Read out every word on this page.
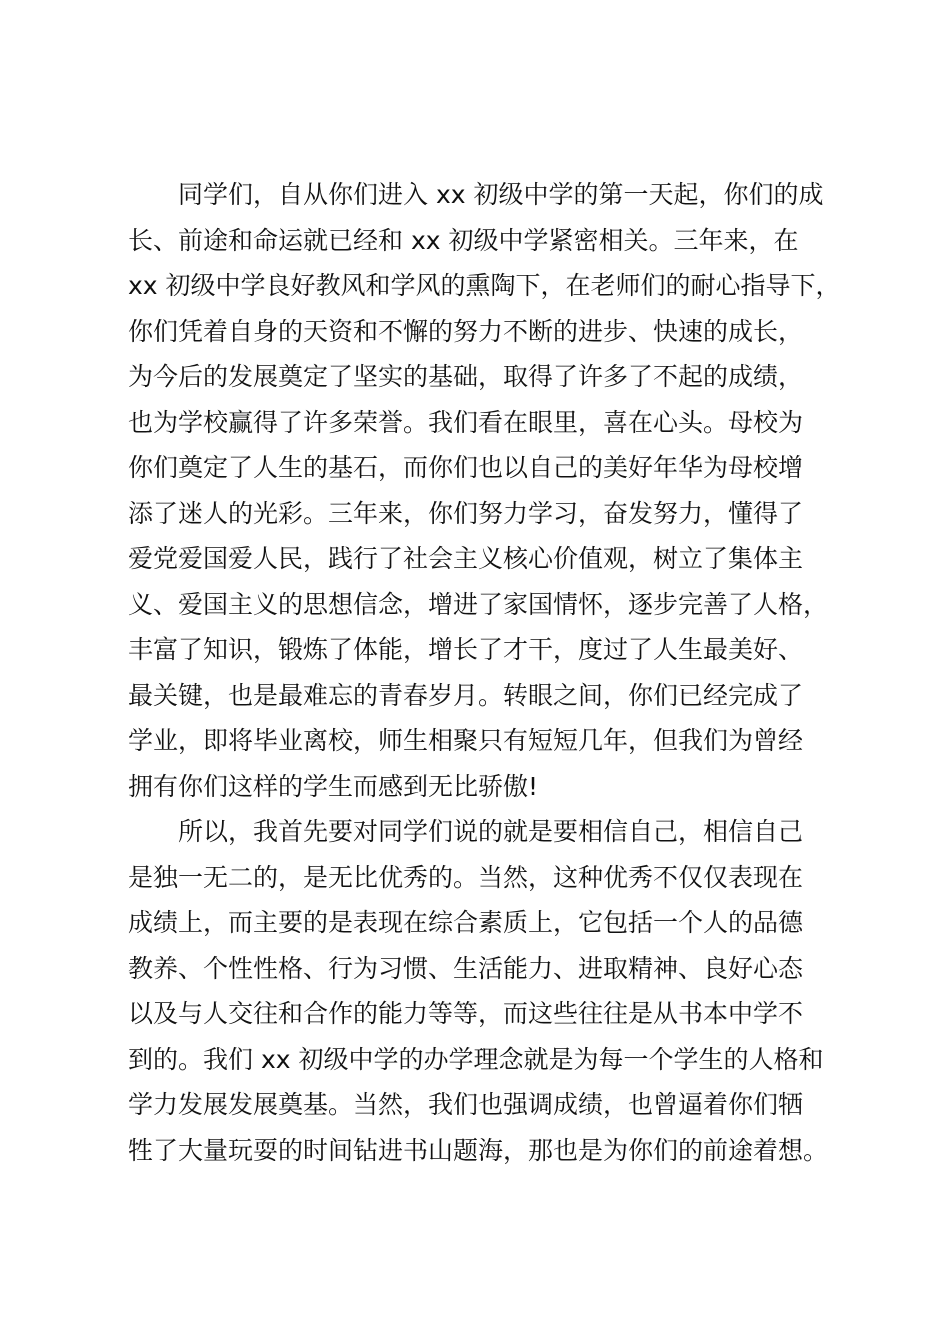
同学们，自从你们进入 xx 初级中学的第一天起，你们的成
长、前途和命运就已经和 xx 初级中学紧密相关。三年来，在
xx 初级中学良好教风和学风的熏陶下，在老师们的耐心指导下，
你们凭着自身的天资和不懈的努力不断的进步、快速的成长，
为今后的发展奠定了坚实的基础，取得了许多了不起的成绩，
也为学校赢得了许多荣誉。我们看在眼里，喜在心头。母校为
你们奠定了人生的基石，而你们也以自己的美好年华为母校增
添了迷人的光彩。三年来，你们努力学习，奋发努力，懂得了
爱党爱国爱人民，践行了社会主义核心价值观，树立了集体主
义、爱国主义的思想信念，增进了家国情怀，逐步完善了人格，
丰富了知识，锻炼了体能，增长了才干，度过了人生最美好、
最关键，也是最难忘的青春岁月。转眼之间，你们已经完成了
学业，即将毕业离校，师生相聚只有短短几年，但我们为曾经
拥有你们这样的学生而感到无比骄傲!
所以，我首先要对同学们说的就是要相信自己，相信自己
是独一无二的，是无比优秀的。当然，这种优秀不仅仅表现在
成绩上，而主要的是表现在综合素质上，它包括一个人的品德
教养、个性性格、行为习惯、生活能力、进取精神、良好心态
以及与人交往和合作的能力等等，而这些往往是从书本中学不
到的。我们 xx 初级中学的办学理念就是为每一个学生的人格和
学力发展发展奠基。当然，我们也强调成绩，也曾逼着你们牺
牲了大量玩耍的时间钻进书山题海，那也是为你们的前途着想。
